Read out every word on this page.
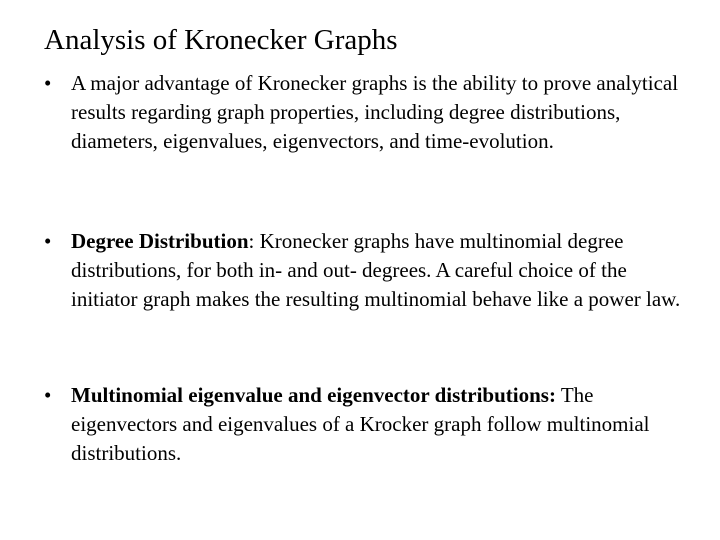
Analysis of Kronecker Graphs
• A major advantage of Kronecker graphs is the ability to prove analytical results regarding graph properties, including degree distributions, diameters, eigenvalues, eigenvectors, and time-evolution.
• Degree Distribution: Kronecker graphs have multinomial degree distributions, for both in- and out- degrees. A careful choice of the initiator graph makes the resulting multinomial behave like a power law.
• Multinomial eigenvalue and eigenvector distributions: The eigenvectors and eigenvalues of a Krocker graph follow multinomial distributions.
